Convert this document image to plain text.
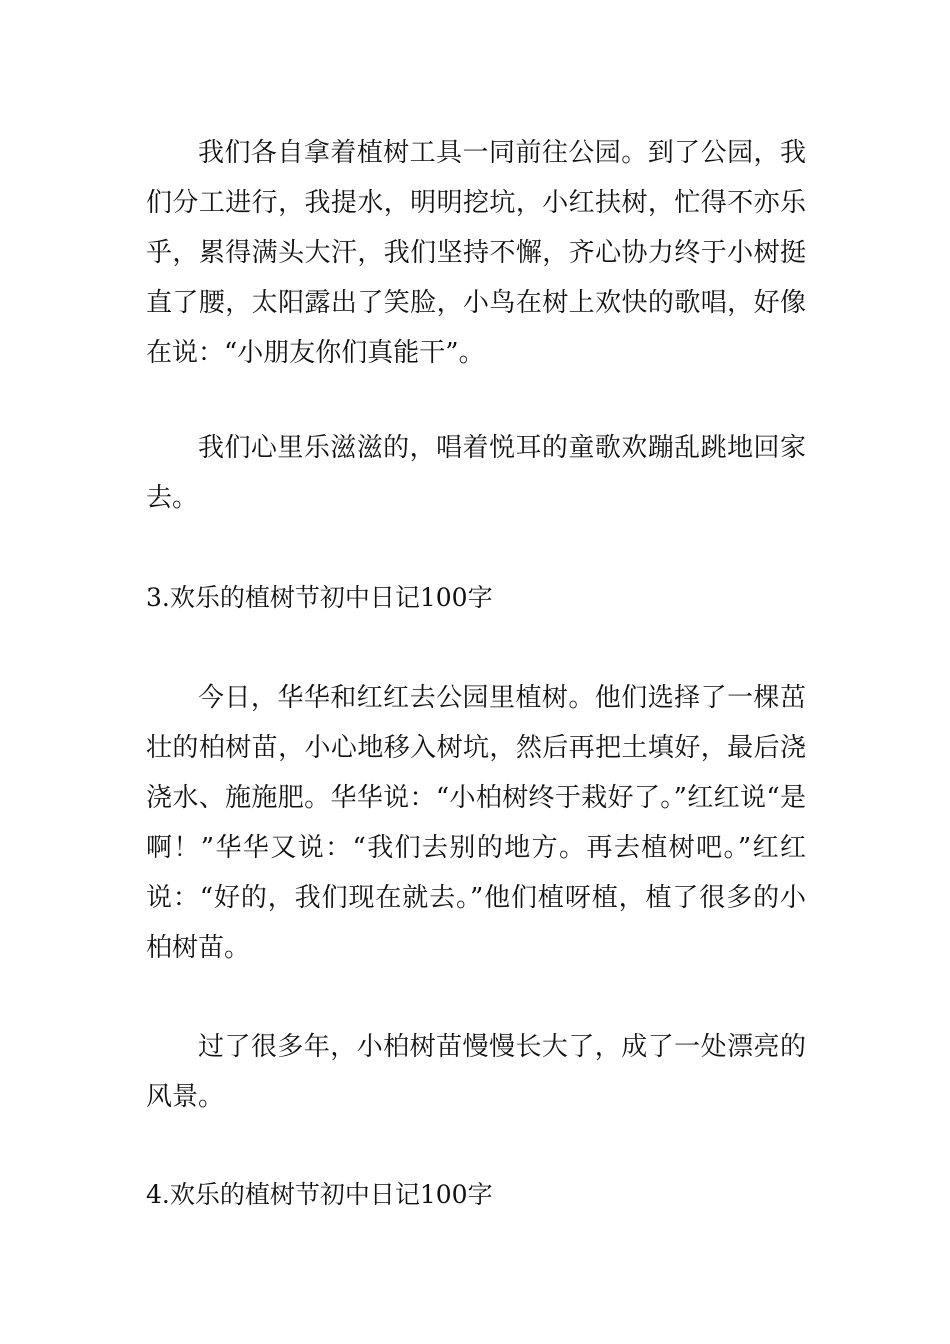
我们各自拿着植树工具一同前往公园。到了公园，我们分工进行，我提水，明明挖坑，小红扶树，忙得不亦乐乎，累得满头大汗，我们坚持不懈，齐心协力终于小树挺直了腰，太阳露出了笑脸，小鸟在树上欢快的歌唱，好像在说：“小朋友你们真能干”。

我们心里乐滋滋的，唱着悦耳的童歌欢蹦乱跳地回家去。

3.欢乐的植树节初中日记100字

今日，华华和红红去公园里植树。他们选择了一棵茁壮的柏树苗，小心地移入树坑，然后再把土填好，最后浇浇水、施施肥。华华说：“小柏树终于栽好了。”红红说“是啊！”华华又说：“我们去别的地方。再去植树吧。”红红说：“好的，我们现在就去。”他们植呀植，植了很多的小柏树苗。

过了很多年，小柏树苗慢慢长大了，成了一处漂亮的风景。

4.欢乐的植树节初中日记100字
